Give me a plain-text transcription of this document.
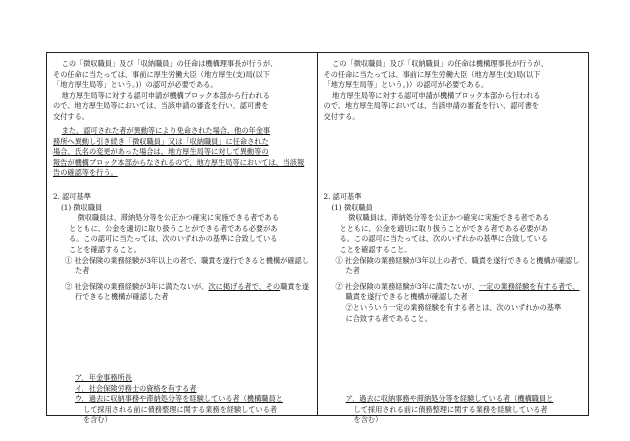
この「徴収職員」及び「収納職員」の任命は機構理事長が行うが、

その任命に当たっては、事前に厚生労働大臣（地方厚生(支)局(以下

「地方厚生局等」という。)）の認可が必要である。

地方厚生局等に対する認可申請が機構ブロック本部から行われる

ので、地方厚生局等においては、当該申請の審査を行い、認可書を

交付する。

また、認可された者が異動等により免命された場合、他の年金事

務所へ異動し引き続き「徴収職員」又は「収納職員」に任命された

場合、氏名の変更があった場合は、地方厚生局等に対して異動等の

報告が機構ブロック本部からなされるので、地方厚生局等においては、当該報告の確認等を行う。

2. 認可基準

(1) 徴収職員

徴収職員は、滞納処分等を公正かつ確実に実施できる者である

とともに、公金を適切に取り扱うことができる者である必要があ

る。この認可に当たっては、次のいずれかの基準に合致している

ことを確認すること。

① 社会保険の業務経験が3年以上の者で、職責を遂行できると機構が確認した者

② 社会保険の業務経験が3年に満たないが、次に掲げる者で、その職責を遂行できると機構が確認した者

ア．年金事務所長

イ．社会保険労務士の資格を有する者

ウ．過去に収納事務や滞納処分等を経験している者（機構職員と

して採用される前に債務整理に関する業務を経験している者

を含む）

この「徴収職員」及び「収納職員」の任命は機構理事長が行うが、

その任命に当たっては、事前に厚生労働大臣（地方厚生(支)局(以下

「地方厚生局等」という。)）の認可が必要である。

地方厚生局等に対する認可申請が機構ブロック本部から行われる

ので、地方厚生局等においては、当該申請の審査を行い、認可書を

交付する。

2. 認可基準

(1) 徴収職員

徴収職員は、滞納処分等を公正かつ確実に実施できる者である

とともに、公金を適切に取り扱うことができる者である必要があ

る。この認可に当たっては、次のいずれかの基準に合致している

ことを確認すること。

① 社会保険の業務経験が3年以上の者で、職責を遂行できると機構が確認した者

② 社会保険の業務経験が3年に満たないが、一定の業務経験を有する者で、職責を遂行できると機構が確認した者

②といういう一定の業務経験を有する者とは、次のいずれかの基準

に合致する者であること。

ア．過去に収納事務や滞納処分等を経験している者（機構職員と

して採用される前に債務整理に関する業務を経験している者

を含む）
